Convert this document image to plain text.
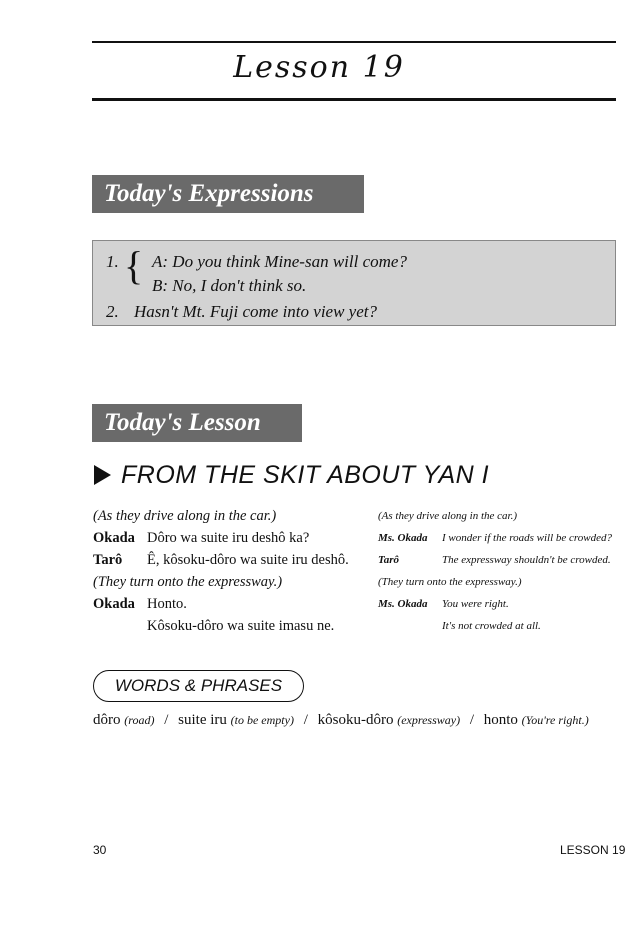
Lesson 19
Today's Expressions
1. { A: Do you think Mine-san will come?
B: No, I don't think so.
2. Hasn't Mt. Fuji come into view yet?
Today's Lesson
FROM THE SKIT ABOUT YAN I
(As they drive along in the car.)
Okada Dôro wa suite iru deshô ka?
Tarô Ê, kôsoku-dôro wa suite iru deshô.
(They turn onto the expressway.)
Okada Honto.
Kôsoku-dôro wa suite imasu ne.
(As they drive along in the car.)
Ms. Okada I wonder if the roads will be crowded?
Tarô	The expressway shouldn't be crowded.
(They turn onto the expressway.)
Ms. Okada You were right.
It's not crowded at all.
WORDS & PHRASES
dôro (road) / suite iru (to be empty) / kôsoku-dôro (expressway) / honto (You're right.)
30	LESSON 19
